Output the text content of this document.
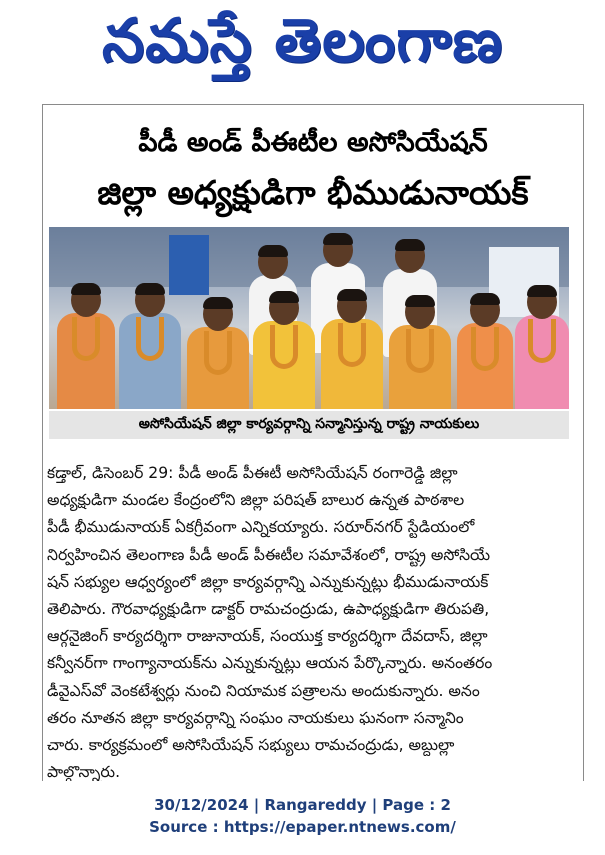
నమస్తే తెలంగాణ
పీడీ అండ్ పీఈటీల అసోసియేషన్
జిల్లా అధ్యక్షుడిగా భీముడునాయక్
అసోసియేషన్ జిల్లా కార్యవర్గాన్ని సన్మానిస్తున్న రాష్ట్ర నాయకులు
కడ్తాల్, డిసెంబర్ 29: పీడీ అండ్ పీఈటీ అసోసియేషన్ రంగారెడ్డి జిల్లా
అధ్యక్షుడిగా మండల కేంద్రంలోని జిల్లా పరిషత్ బాలుర ఉన్నత పాఠశాల
పీడీ భీముడునాయక్ ఏకగ్రీవంగా ఎన్నికయ్యారు. సరూర్‌నగర్ స్టేడియంలో
నిర్వహించిన తెలంగాణ పీడీ అండ్ పీఈటీల సమావేశంలో, రాష్ట్ర అసోసియే
షన్ సభ్యుల ఆధ్వర్యంలో జిల్లా కార్యవర్గాన్ని ఎన్నుకున్నట్లు భీముడునాయక్
తెలిపారు. గౌరవాధ్యక్షుడిగా డాక్టర్ రామచంద్రుడు, ఉపాధ్యక్షుడిగా తిరుపతి,
ఆర్గనైజింగ్ కార్యదర్శిగా రాజునాయక్, సంయుక్త కార్యదర్శిగా దేవదాస్, జిల్లా
కన్వీనర్‌గా గాంగ్యానాయక్‌ను ఎన్నుకున్నట్లు ఆయన పేర్కొన్నారు. అనంతరం
డీవైఎస్‌వో వెంకటేశ్వర్లు నుంచి నియామక పత్రాలను అందుకున్నారు. అనం
తరం నూతన జిల్లా కార్యవర్గాన్ని సంఘం నాయకులు ఘనంగా సన్మానిం
చారు. కార్యక్రమంలో అసోసియేషన్ సభ్యులు రామచంద్రుడు, అబ్దుల్లా
పాల్గొన్నారు.
30/12/2024 | Rangareddy | Page : 2
Source : https://epaper.ntnews.com/
